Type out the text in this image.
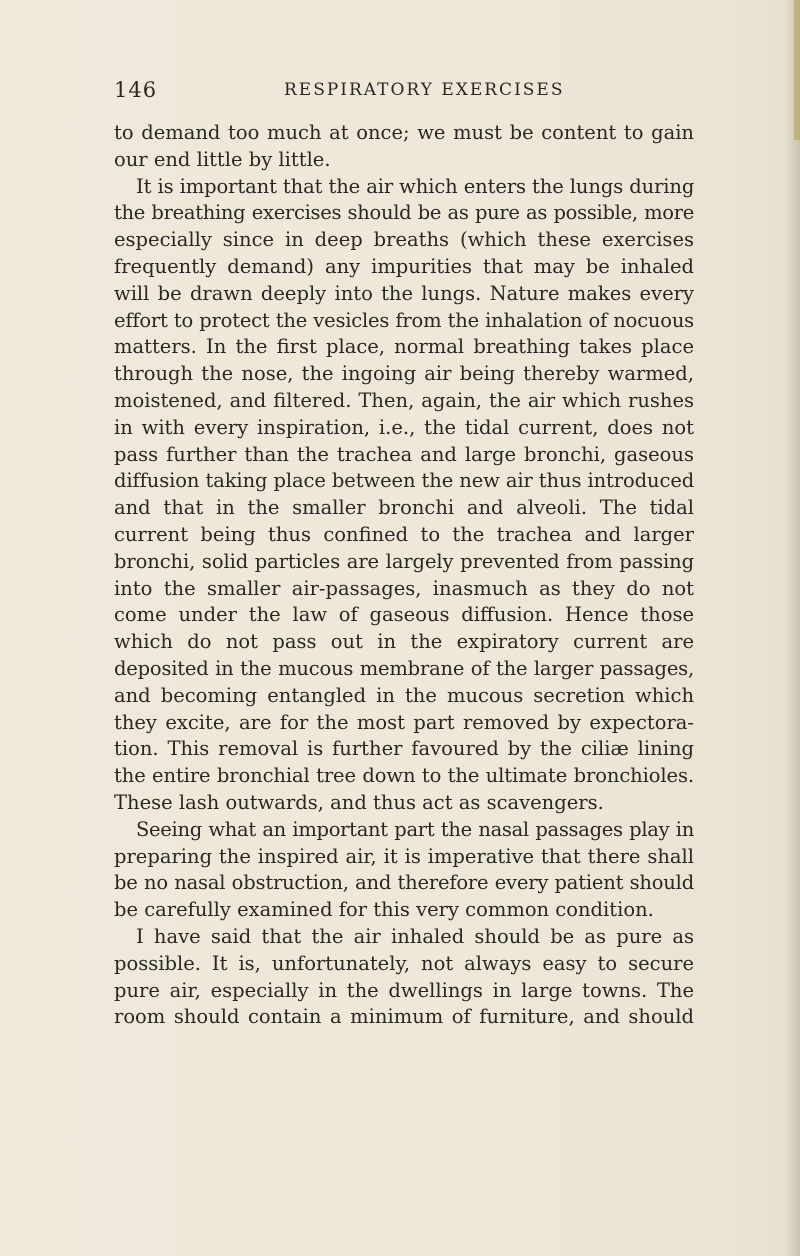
146	RESPIRATORY EXERCISES
to demand too much at once; we must be content to gain
our end little by little.
It is important that the air which enters the lungs during
the breathing exercises should be as pure as possible, more
especially since in deep breaths (which these exercises
frequently demand) any impurities that may be inhaled
will be drawn deeply into the lungs. Nature makes every
effort to protect the vesicles from the inhalation of nocuous
matters. In the first place, normal breathing takes place
through the nose, the ingoing air being thereby warmed,
moistened, and filtered. Then, again, the air which rushes
in with every inspiration, i.e., the tidal current, does not
pass further than the trachea and large bronchi, gaseous
diffusion taking place between the new air thus introduced
and that in the smaller bronchi and alveoli. The tidal
current being thus confined to the trachea and larger
bronchi, solid particles are largely prevented from passing
into the smaller air-passages, inasmuch as they do not
come under the law of gaseous diffusion. Hence those
which do not pass out in the expiratory current are
deposited in the mucous membrane of the larger passages,
and becoming entangled in the mucous secretion which
they excite, are for the most part removed by expectora-
tion. This removal is further favoured by the ciliæ lining
the entire bronchial tree down to the ultimate bronchioles.
These lash outwards, and thus act as scavengers.
Seeing what an important part the nasal passages play in
preparing the inspired air, it is imperative that there shall
be no nasal obstruction, and therefore every patient should
be carefully examined for this very common condition.
I have said that the air inhaled should be as pure as
possible. It is, unfortunately, not always easy to secure
pure air, especially in the dwellings in large towns. The
room should contain a minimum of furniture, and should
